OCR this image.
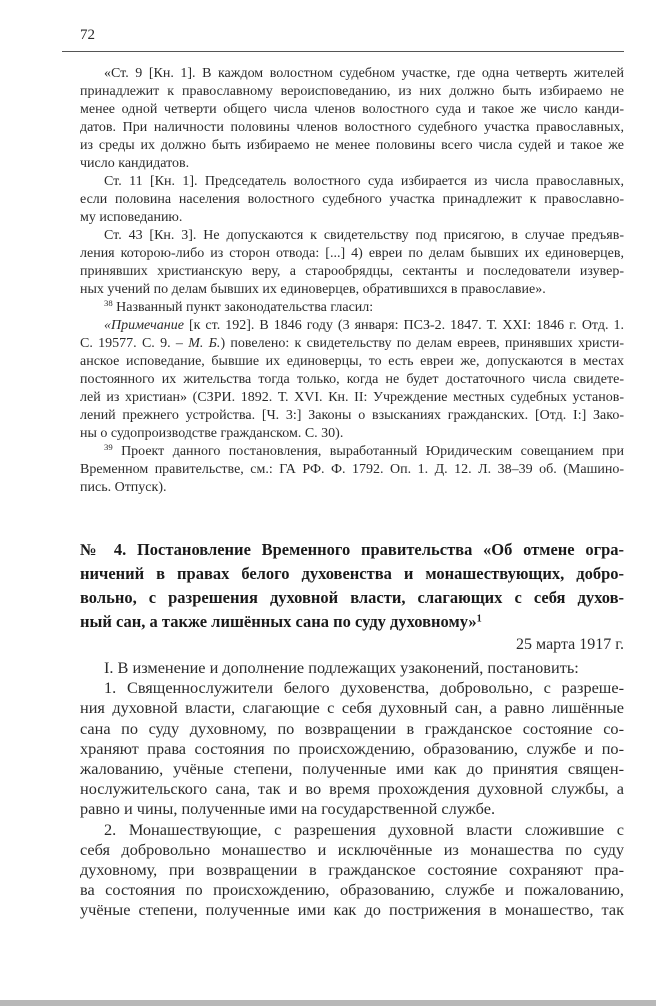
72
«Ст. 9 [Кн. 1]. В каждом волостном судебном участке, где одна четверть жителей
принадлежит к православному вероисповеданию, из них должно быть избираемо не
менее одной четверти общего числа членов волостного суда и такое же число канди-
датов. При наличности половины членов волостного судебного участка православных,
из среды их должно быть избираемо не менее половины всего числа судей и такое же
число кандидатов.
Ст. 11 [Кн. 1]. Председатель волостного суда избирается из числа православных,
если половина населения волостного судебного участка принадлежит к православно-
му исповеданию.
Ст. 43 [Кн. 3]. Не допускаются к свидетельству под присягою, в случае предъяв-
ления которою-либо из сторон отвода: [...] 4) евреи по делам бывших их единоверцев,
принявших христианскую веру, а старообрядцы, сектанты и последователи изувер-
ных учений по делам бывших их единоверцев, обратившихся в православие».
$^{38}$ Названный пункт законодательства гласил:
«Примечание [к ст. 192]. В 1846 году (3 января: ПСЗ-2. 1847. Т. XXI: 1846 г. Отд. 1.
С. 19577. С. 9. – М. Б.) повелено: к свидетельству по делам евреев, принявших христи-
анское исповедание, бывшие их единоверцы, то есть евреи же, допускаются в местах
постоянного их жительства тогда только, когда не будет достаточного числа свидете-
лей из христиан» (СЗРИ. 1892. Т. XVI. Кн. II: Учреждение местных судебных установ-
лений прежнего устройства. [Ч. 3:] Законы о взысканиях гражданских. [Отд. I:] Зако-
ны о судопроизводстве гражданском. С. 30).
$^{39}$ Проект данного постановления, выработанный Юридическим совещанием при
Временном правительстве, см.: ГА РФ. Ф. 1792. Оп. 1. Д. 12. Л. 38–39 об. (Машино-
пись. Отпуск).
№ 4. Постановление Временного правительства «Об отмене огра-
ничений в правах белого духовенства и монашествующих, добро-
вольно, с разрешения духовной власти, слагающих с себя духов-
ный сан, а также лишённых сана по суду духовному»$^1$
25 марта 1917 г.
I. В изменение и дополнение подлежащих узаконений, постановить:
1. Священнослужители белого духовенства, добровольно, с разреше-
ния духовной власти, слагающие с себя духовный сан, а равно лишённые
сана по суду духовному, по возвращении в гражданское состояние со-
храняют права состояния по происхождению, образованию, службе и по-
жалованию, учёные степени, полученные ими как до принятия священ-
нослужительского сана, так и во время прохождения духовной службы, а
равно и чины, полученные ими на государственной службе.
2. Монашествующие, с разрешения духовной власти сложившие с
себя добровольно монашество и исключённые из монашества по суду
духовному, при возвращении в гражданское состояние сохраняют пра-
ва состояния по происхождению, образованию, службе и пожалованию,
учёные степени, полученные ими как до пострижения в монашество, так
